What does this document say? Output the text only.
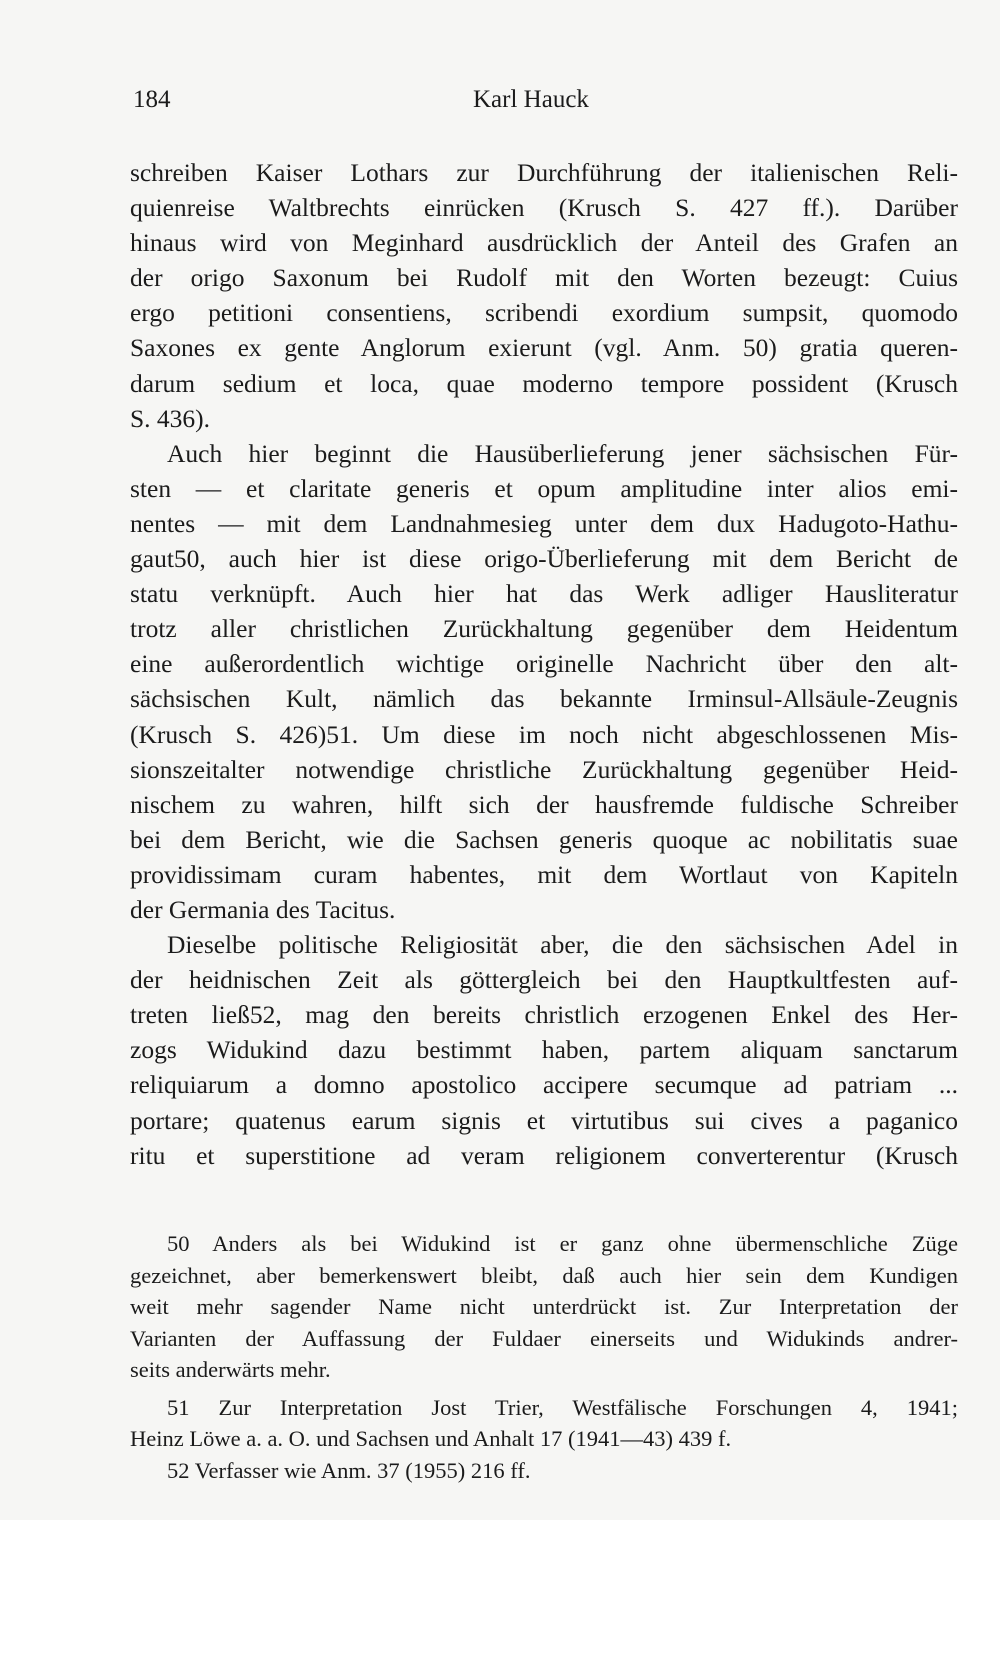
184	Karl Hauck
schreiben Kaiser Lothars zur Durchführung der italienischen Reli-
quienreise Waltbrechts einrücken (Krusch S. 427 ff.). Darüber
hinaus wird von Meginhard ausdrücklich der Anteil des Grafen an
der origo Saxonum bei Rudolf mit den Worten bezeugt: Cuius
ergo petitioni consentiens, scribendi exordium sumpsit, quomodo
Saxones ex gente Anglorum exierunt (vgl. Anm. 50) gratia queren-
darum sedium et loca, quae moderno tempore possident (Krusch
S. 436).
Auch hier beginnt die Hausüberlieferung jener sächsischen Für-
sten — et claritate generis et opum amplitudine inter alios emi-
nentes — mit dem Landnahmesieg unter dem dux Hadugoto-Hathu-
gaut50, auch hier ist diese origo-Überlieferung mit dem Bericht de
statu verknüpft. Auch hier hat das Werk adliger Hausliteratur
trotz aller christlichen Zurückhaltung gegenüber dem Heidentum
eine außerordentlich wichtige originelle Nachricht über den alt-
sächsischen Kult, nämlich das bekannte Irminsul-Allsäule-Zeugnis
(Krusch S. 426)51. Um diese im noch nicht abgeschlossenen Mis-
sionszeitalter notwendige christliche Zurückhaltung gegenüber Heid-
nischem zu wahren, hilft sich der hausfremde fuldische Schreiber
bei dem Bericht, wie die Sachsen generis quoque ac nobilitatis suae
providissimam curam habentes, mit dem Wortlaut von Kapiteln
der Germania des Tacitus.
Dieselbe politische Religiosität aber, die den sächsischen Adel in
der heidnischen Zeit als göttergleich bei den Hauptkultfesten auf-
treten ließ52, mag den bereits christlich erzogenen Enkel des Her-
zogs Widukind dazu bestimmt haben, partem aliquam sanctarum
reliquiarum a domno apostolico accipere secumque ad patriam ...
portare; quatenus earum signis et virtutibus sui cives a paganico
ritu et superstitione ad veram religionem converterentur (Krusch
50 Anders als bei Widukind ist er ganz ohne übermenschliche Züge
gezeichnet, aber bemerkenswert bleibt, daß auch hier sein dem Kundigen
weit mehr sagender Name nicht unterdrückt ist. Zur Interpretation der
Varianten der Auffassung der Fuldaer einerseits und Widukinds andrer-
seits anderwärts mehr.
51 Zur Interpretation Jost Trier, Westfälische Forschungen 4, 1941;
Heinz Löwe a. a. O. und Sachsen und Anhalt 17 (1941—43) 439 f.
52 Verfasser wie Anm. 37 (1955) 216 ff.
